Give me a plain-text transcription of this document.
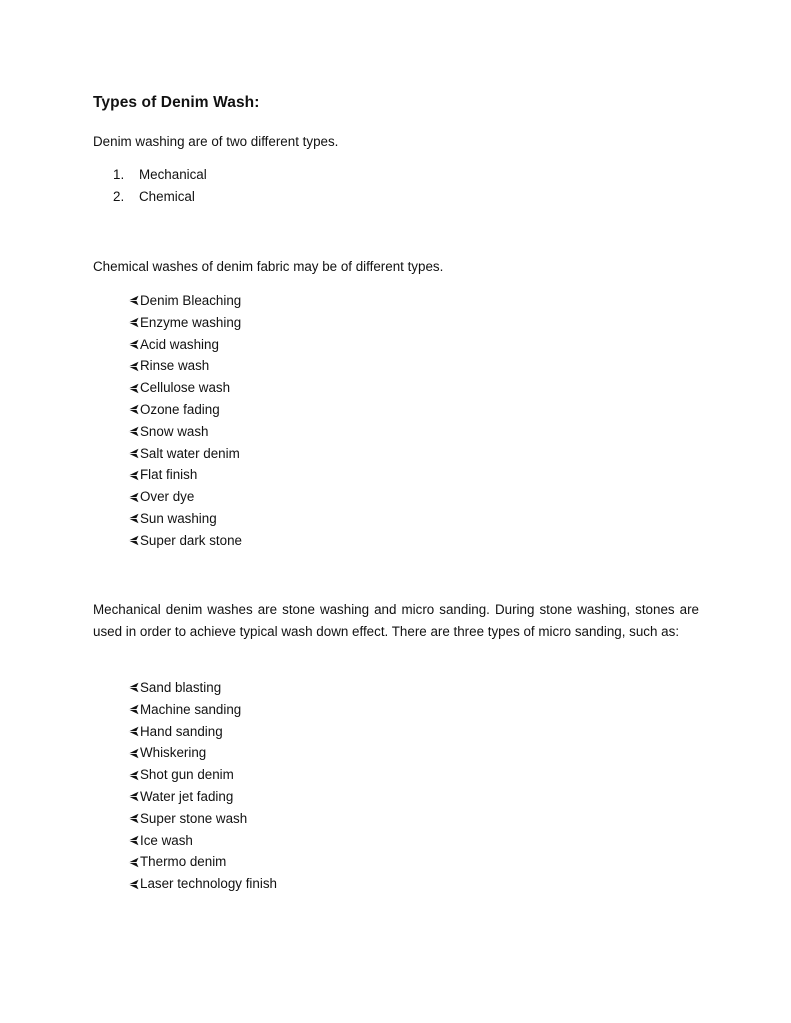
Types of Denim Wash:
Denim washing are of two different types.
1.	Mechanical
2.	Chemical
Chemical washes of denim fabric may be of different types.
Denim Bleaching
Enzyme washing
Acid washing
Rinse wash
Cellulose wash
Ozone fading
Snow wash
Salt water denim
Flat finish
Over dye
Sun washing
Super dark stone
Mechanical denim washes are stone washing and micro sanding. During stone washing, stones are used in order to achieve typical wash down effect. There are three types of micro sanding, such as:
Sand blasting
Machine sanding
Hand sanding
Whiskering
Shot gun denim
Water jet fading
Super stone wash
Ice wash
Thermo denim
Laser technology finish
